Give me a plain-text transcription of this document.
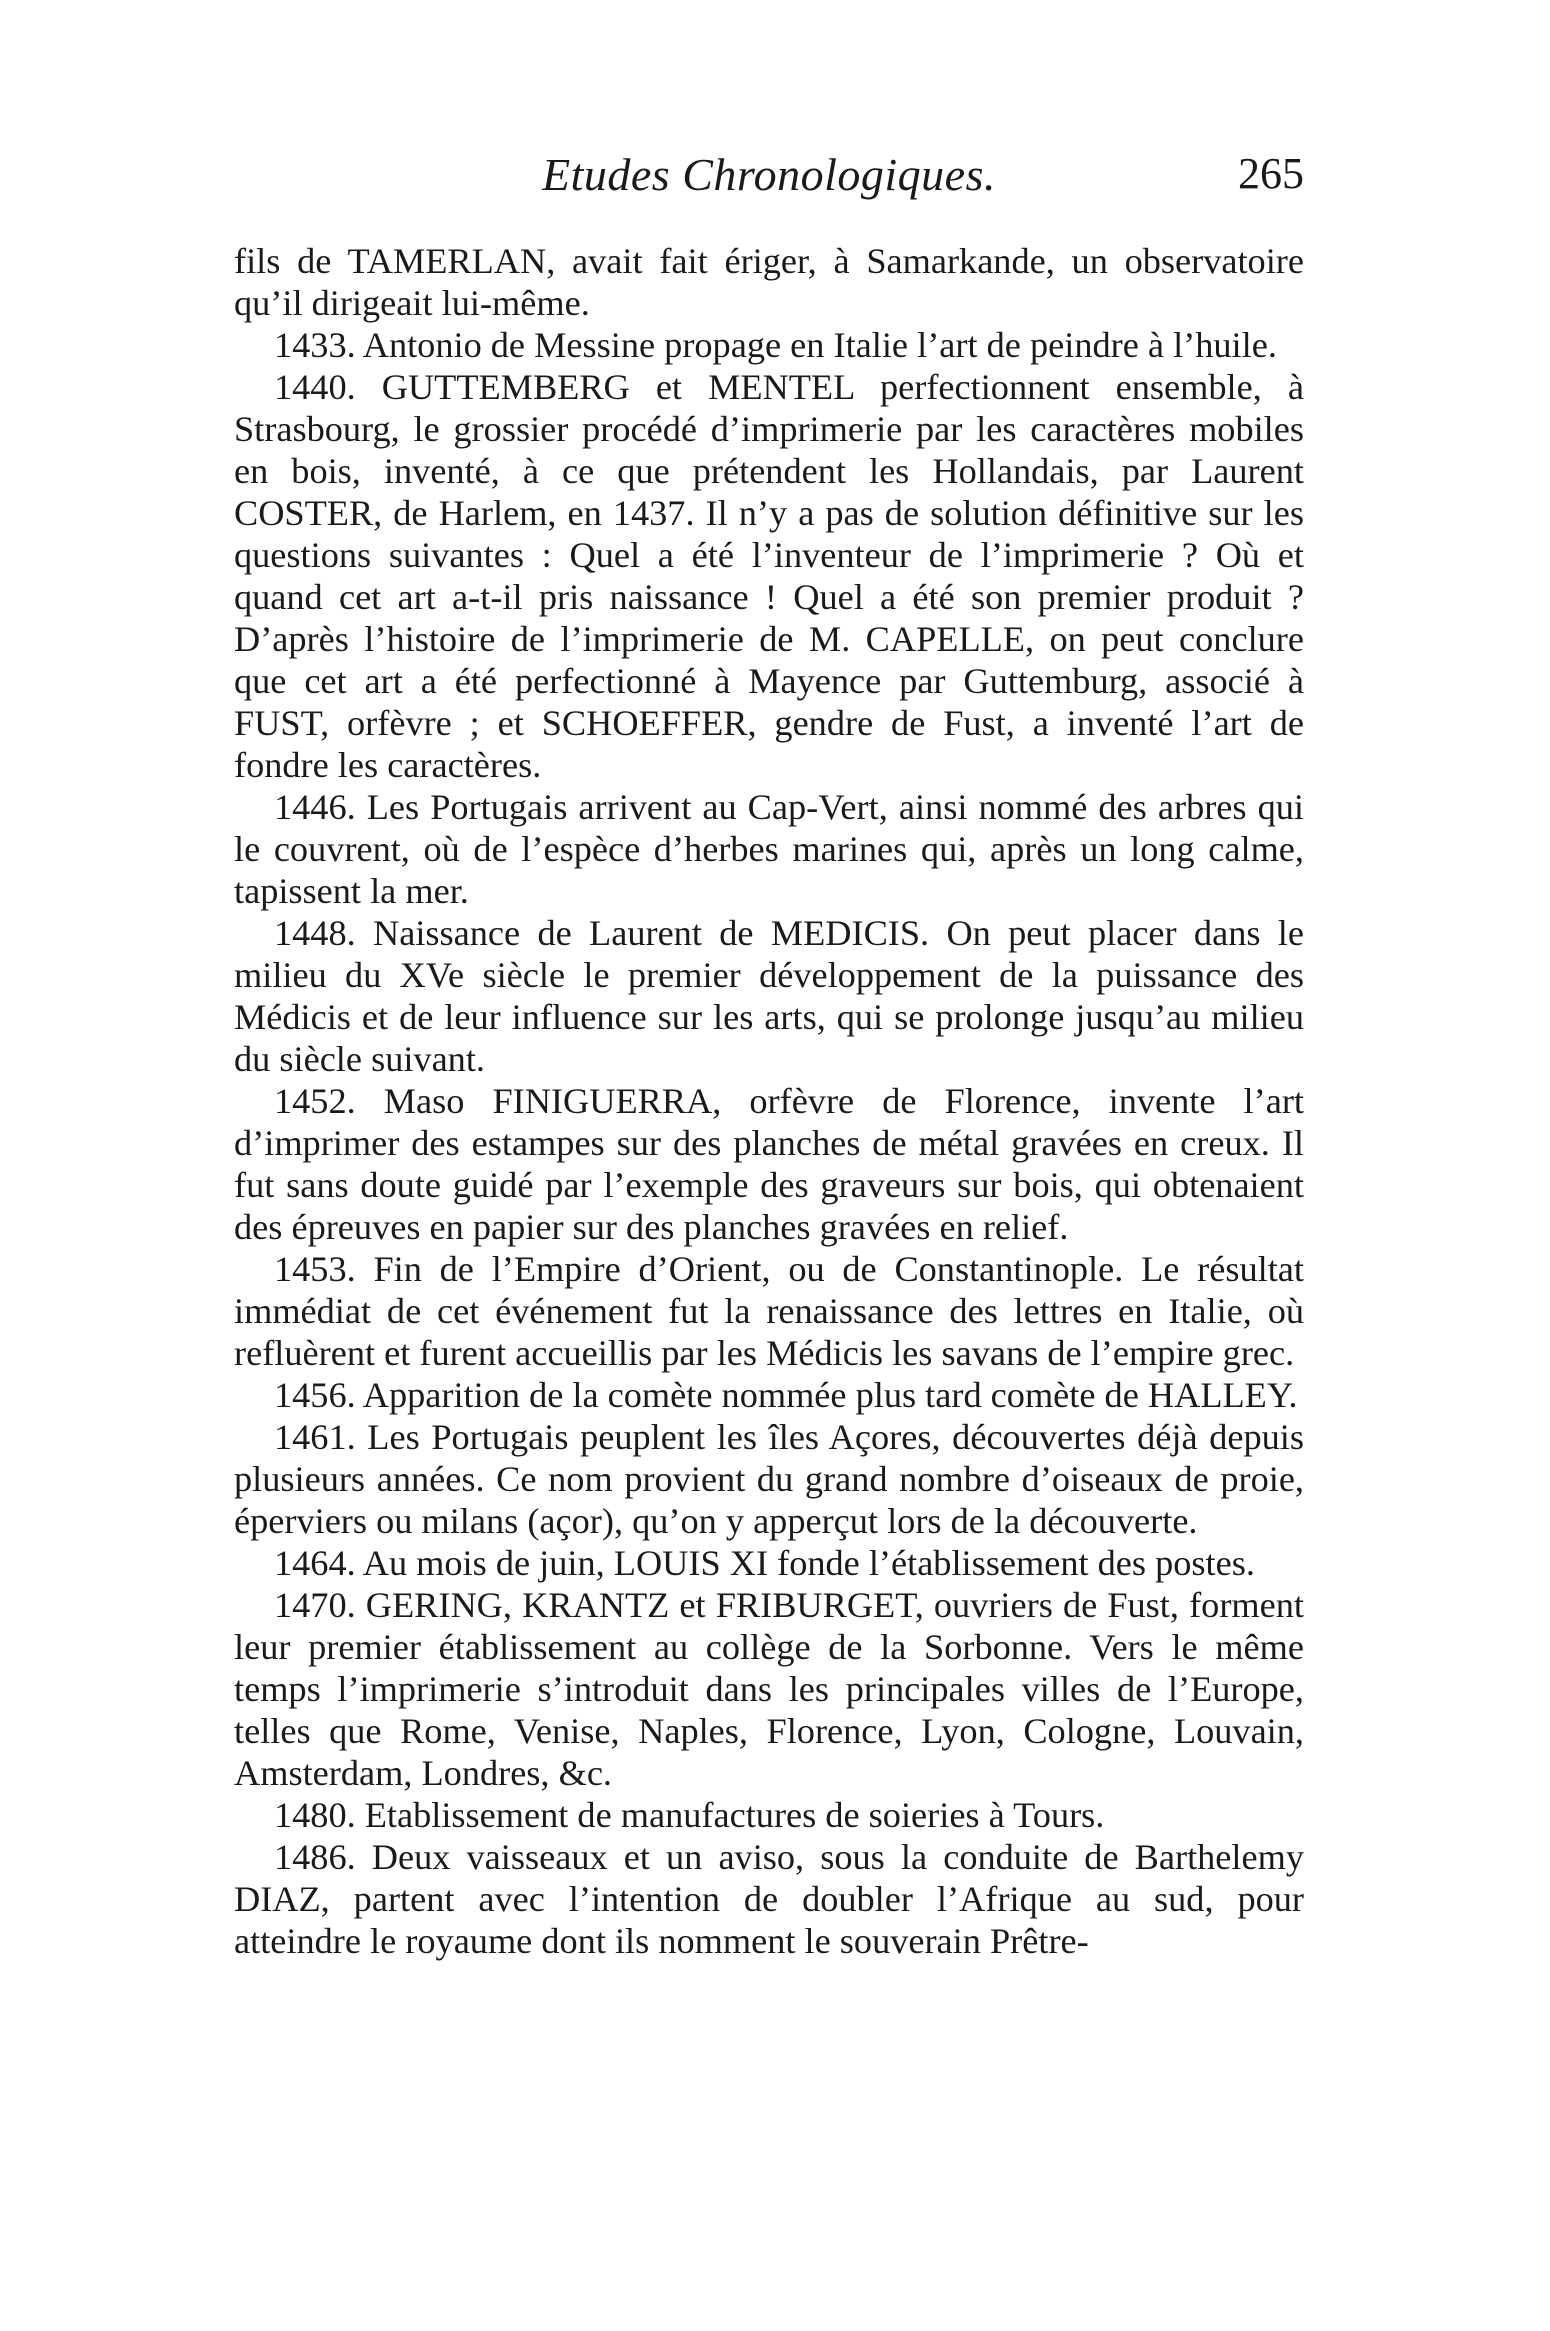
Etudes Chronologiques.	265

fils de TAMERLAN, avait fait ériger, à Samarkande, un observatoire qu’il dirigeait lui-même.

1433. Antonio de Messine propage en Italie l’art de peindre à l’huile.

1440. GUTTEMBERG et MENTEL perfectionnent ensemble, à Strasbourg, le grossier procédé d’imprimerie par les caractères mobiles en bois, inventé, à ce que prétendent les Hollandais, par Laurent COSTER, de Harlem, en 1437. Il n’y a pas de solution définitive sur les questions suivantes : Quel a été l’inventeur de l’imprimerie ? Où et quand cet art a-t-il pris naissance ! Quel a été son premier produit ? D’après l’histoire de l’imprimerie de M. CAPELLE, on peut conclure que cet art a été perfectionné à Mayence par Guttemburg, associé à FUST, orfèvre ; et SCHOEFFER, gendre de Fust, a inventé l’art de fondre les caractères.

1446. Les Portugais arrivent au Cap-Vert, ainsi nommé des arbres qui le couvrent, où de l’espèce d’herbes marines qui, après un long calme, tapissent la mer.

1448. Naissance de Laurent de MEDICIS. On peut placer dans le milieu du XVe siècle le premier développement de la puissance des Médicis et de leur influence sur les arts, qui se prolonge jusqu’au milieu du siècle suivant.

1452. Maso FINIGUERRA, orfèvre de Florence, invente l’art d’imprimer des estampes sur des planches de métal gravées en creux. Il fut sans doute guidé par l’exemple des graveurs sur bois, qui obtenaient des épreuves en papier sur des planches gravées en relief.

1453. Fin de l’Empire d’Orient, ou de Constantinople. Le résultat immédiat de cet événement fut la renaissance des lettres en Italie, où refluèrent et furent accueillis par les Médicis les savans de l’empire grec.

1456. Apparition de la comète nommée plus tard comète de HALLEY.

1461. Les Portugais peuplent les îles Açores, découvertes déjà depuis plusieurs années. Ce nom provient du grand nombre d’oiseaux de proie, éperviers ou milans (açor), qu’on y apperçut lors de la découverte.

1464. Au mois de juin, LOUIS XI fonde l’établissement des postes.

1470. GERING, KRANTZ et FRIBURGET, ouvriers de Fust, forment leur premier établissement au collège de la Sorbonne. Vers le même temps l’imprimerie s’introduit dans les principales villes de l’Europe, telles que Rome, Venise, Naples, Florence, Lyon, Cologne, Louvain, Amsterdam, Londres, &c.

1480. Etablissement de manufactures de soieries à Tours.

1486. Deux vaisseaux et un aviso, sous la conduite de Barthelemy DIAZ, partent avec l’intention de doubler l’Afrique au sud, pour atteindre le royaume dont ils nomment le souverain Prêtre-
